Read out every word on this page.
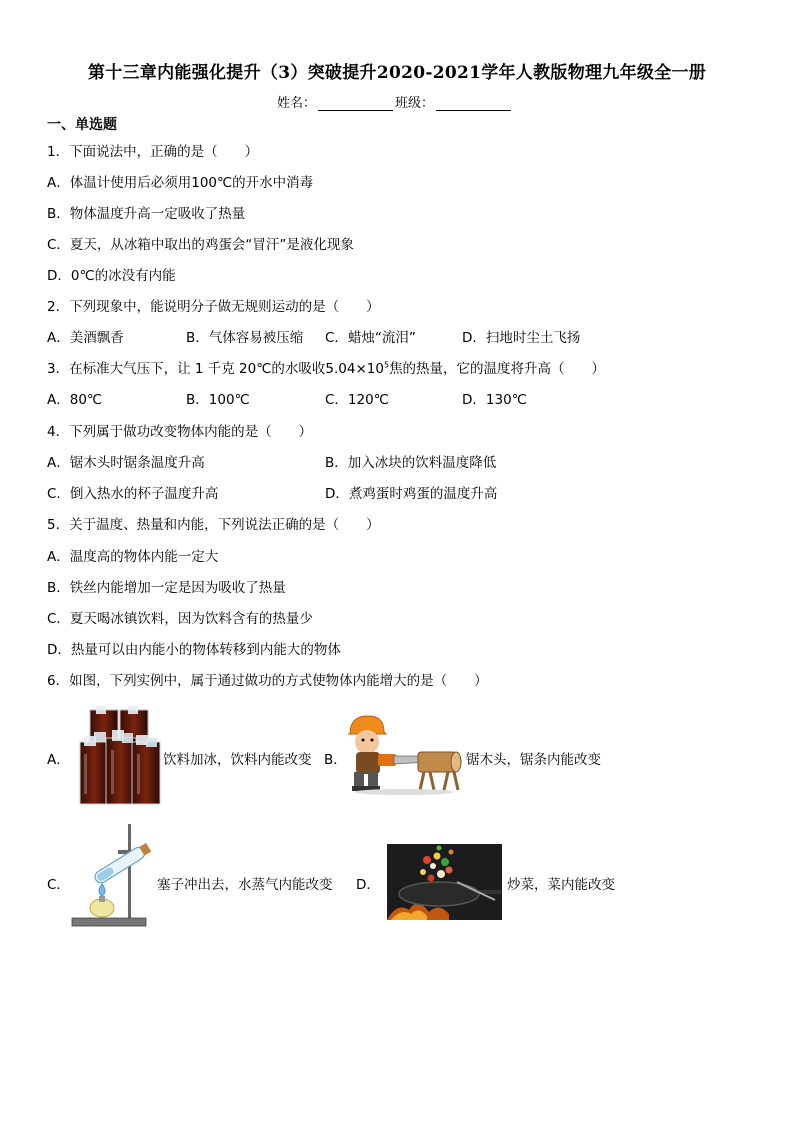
第十三章内能强化提升（3）突破提升2020-2021学年人教版物理九年级全一册
姓名：	班级：
一、单选题
1．下面说法中，正确的是（　　）
A．体温计使用后必须用100℃的开水中消毒
B．物体温度升高一定吸收了热量
C．夏天，从冰箱中取出的鸡蛋会“冒汗”是液化现象
D．0℃的冰没有内能
2．下列现象中，能说明分子做无规则运动的是（　　）
A．美酒飘香	B．气体容易被压缩 C．蜡烛“流泪”	D．扫地时尘土飞扬
3．在标准大气压下，让 1 千克 20℃的水吸收$5.04\times 10^5$焦的热量，它的温度将升高（　　）
A．80℃	B．100℃	C．120℃	D．130℃
4．下列属于做功改变物体内能的是（　　）
A．锯木头时锯条温度升高	B．加入冰块的饮料温度降低
C．倒入热水的杯子温度升高	D．煮鸡蛋时鸡蛋的温度升高
5．关于温度、热量和内能，下列说法正确的是（　　）
A．温度高的物体内能一定大
B．铁丝内能增加一定是因为吸收了热量
C．夏天喝冰镇饮料，因为饮料含有的热量少
D．热量可以由内能小的物体转移到内能大的物体
6．如图，下列实例中，属于通过做功的方式使物体内能增大的是（　　）
A．	饮料加冰，饮料内能改变 B．	锯木头，锯条内能改变
C．	塞子冲出去，水蒸气内能改变 D．	炒菜，菜内能改变
